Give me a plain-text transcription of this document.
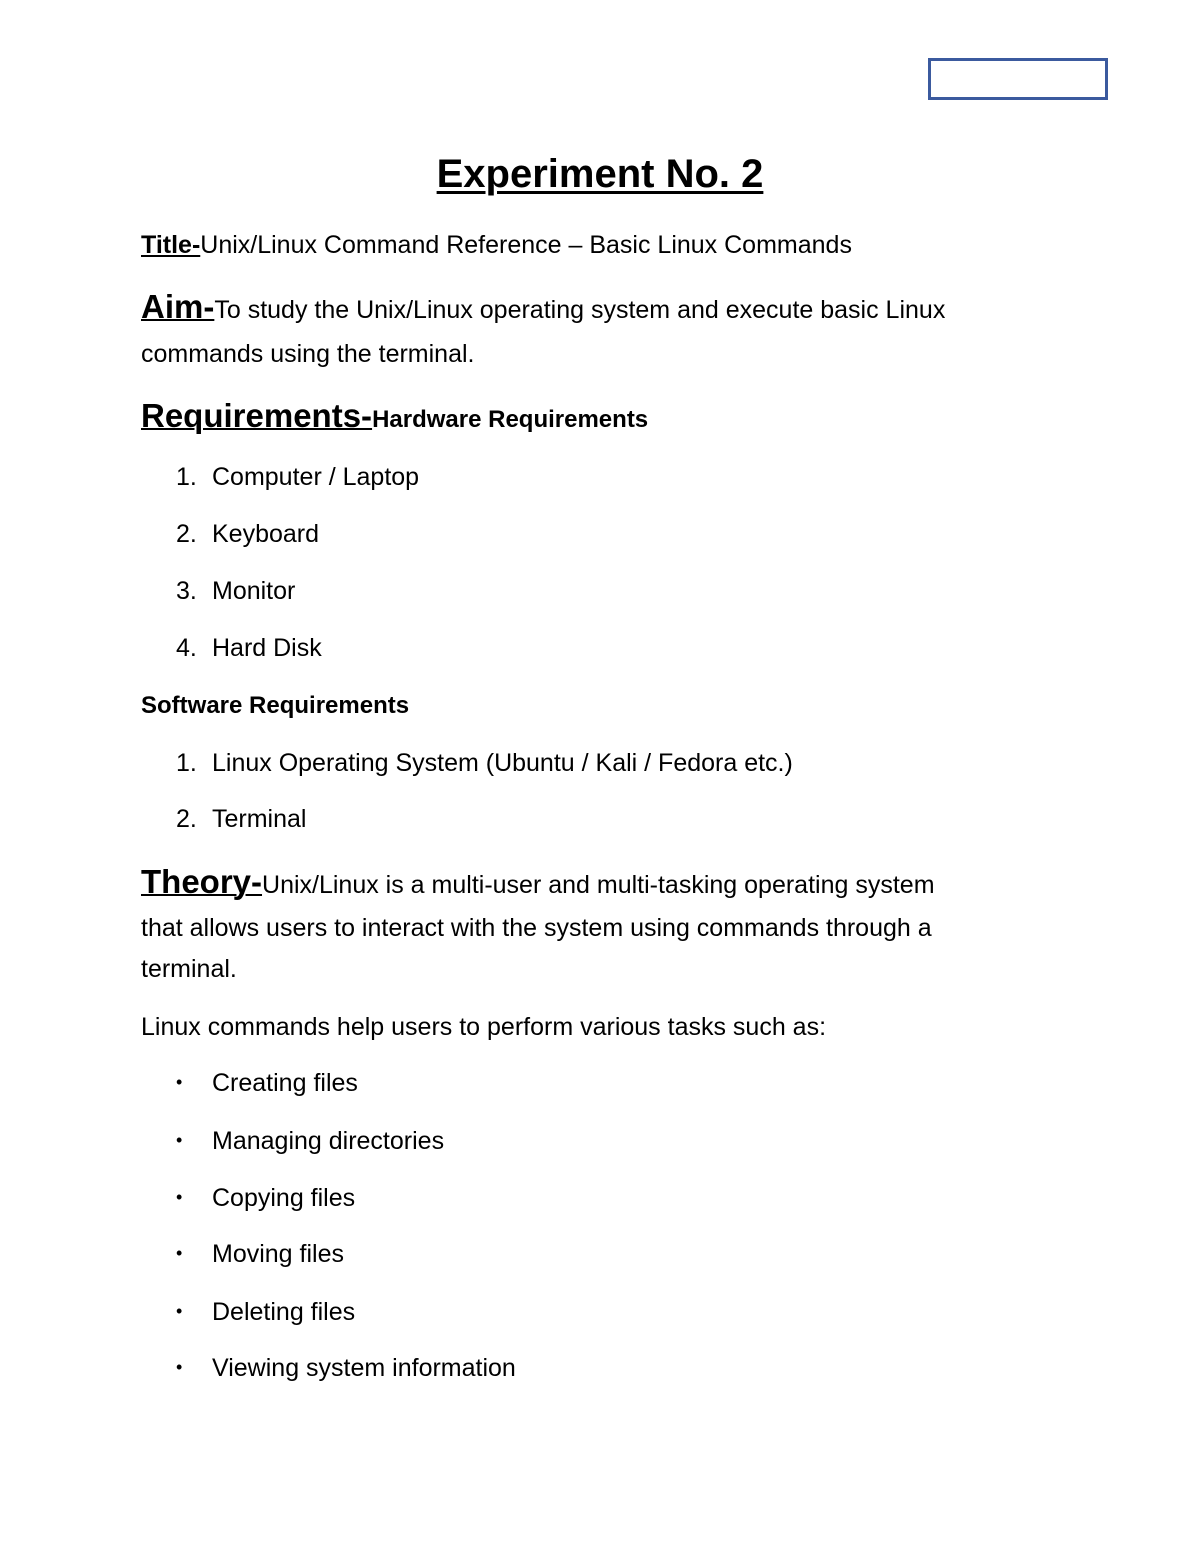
Experiment No. 2
Title-Unix/Linux Command Reference – Basic Linux Commands
Aim-To study the Unix/Linux operating system and execute basic Linux
commands using the terminal.
Requirements-Hardware Requirements
1. Computer / Laptop
2. Keyboard
3. Monitor
4. Hard Disk
Software Requirements
1. Linux Operating System (Ubuntu / Kali / Fedora etc.)
2. Terminal
Theory-Unix/Linux is a multi-user and multi-tasking operating system
that allows users to interact with the system using commands through a
terminal.
Linux commands help users to perform various tasks such as:
• Creating files
• Managing directories
• Copying files
• Moving files
• Deleting files
• Viewing system information
